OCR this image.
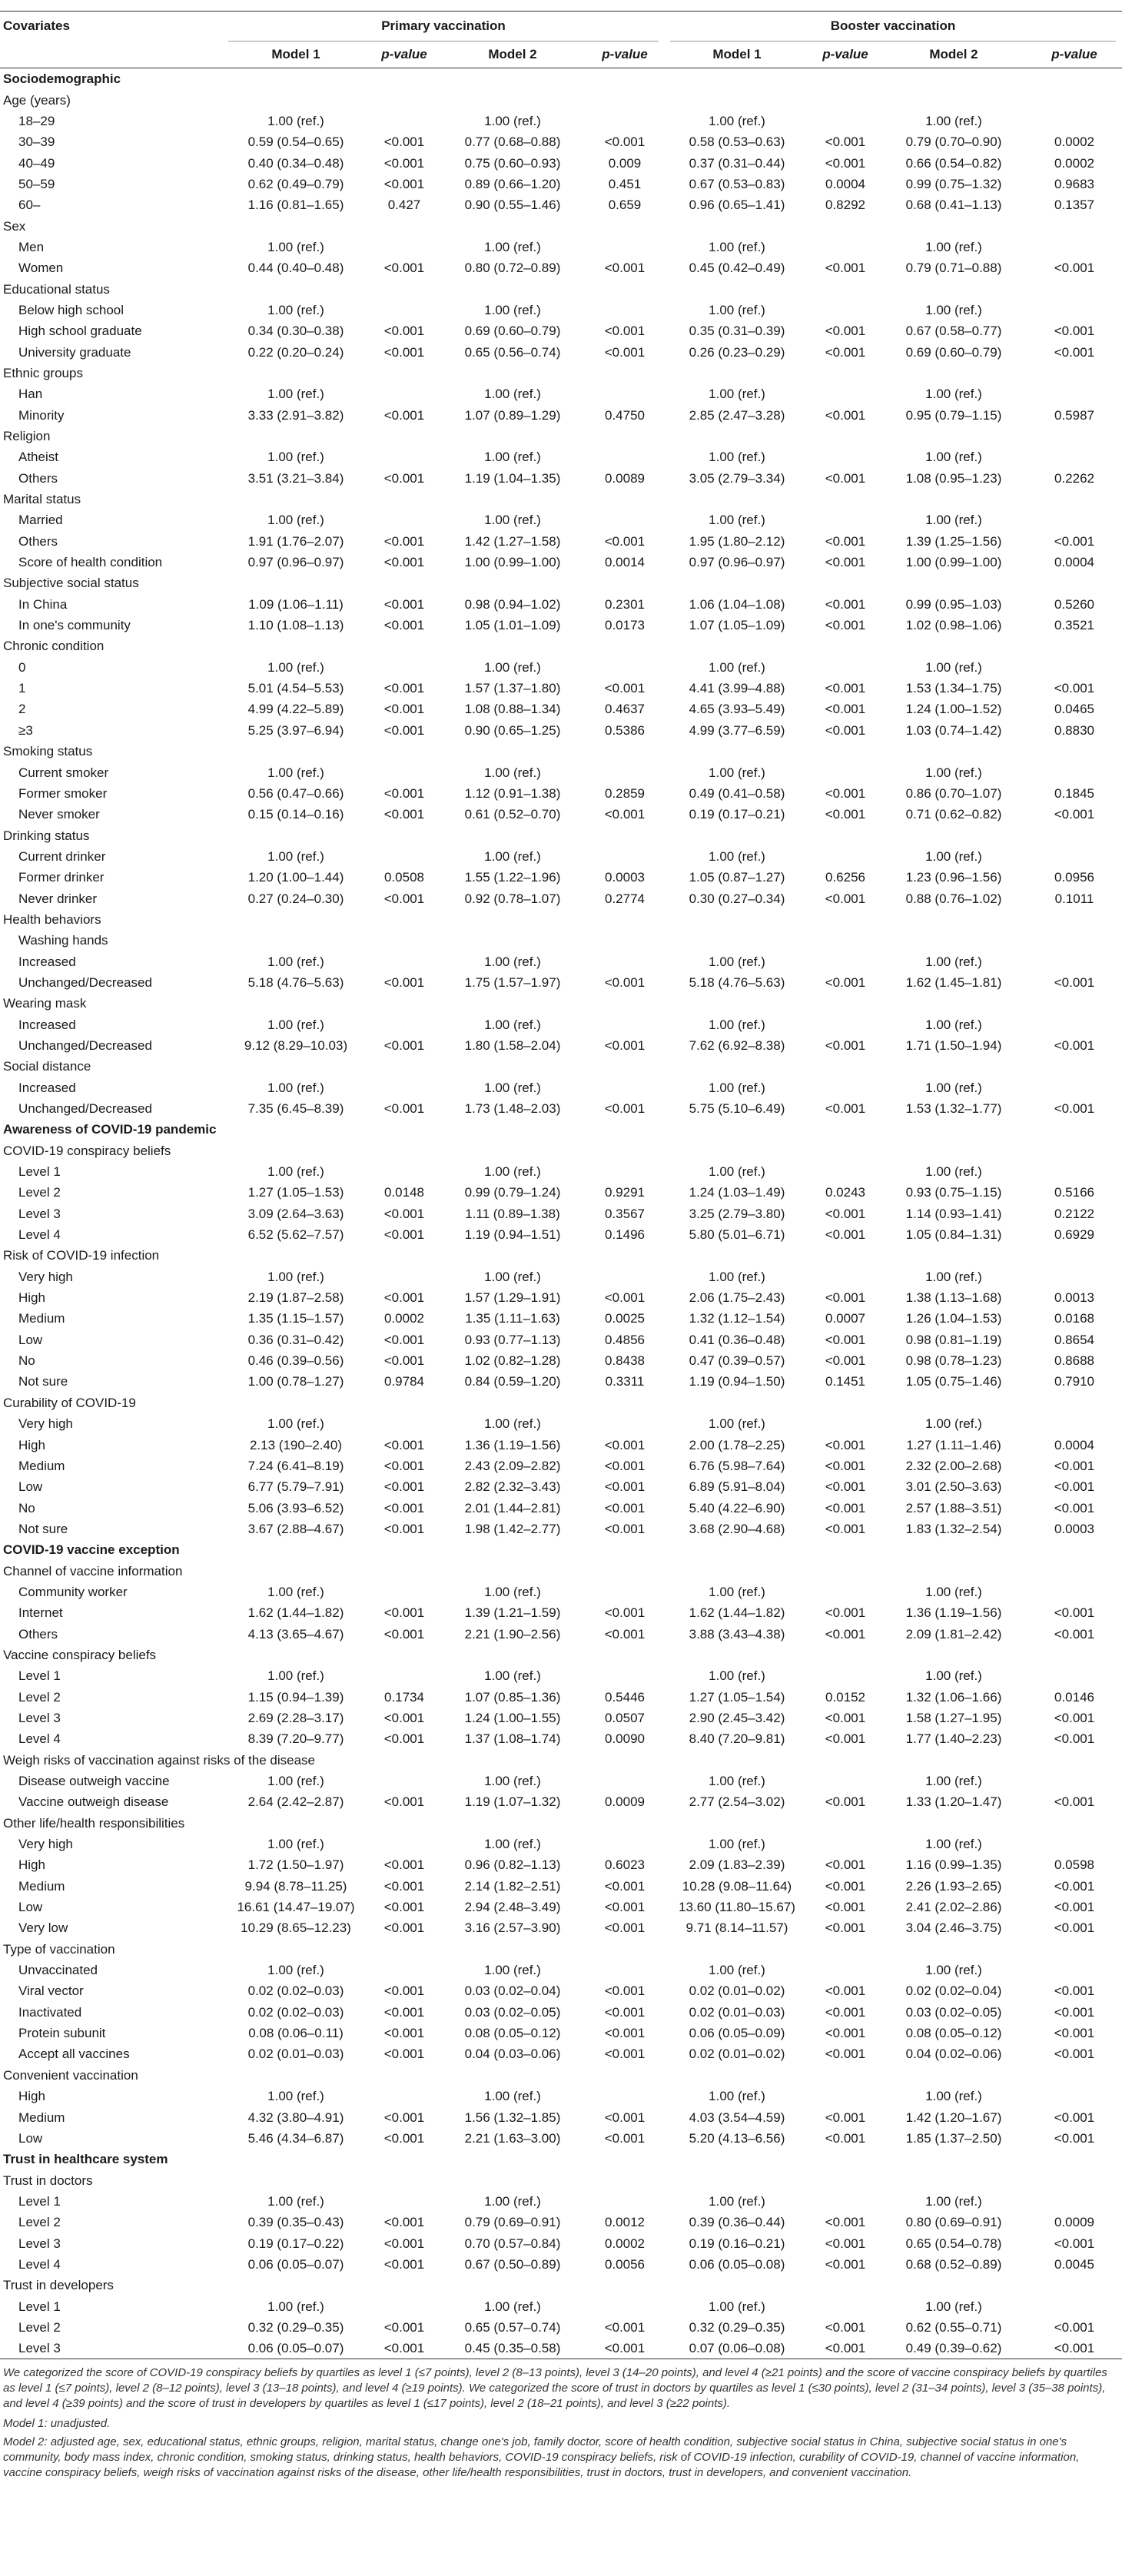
Covariates	Primary vaccination				Booster vaccination			
	Model 1	p-value	Model 2	p-value	Model 1	p-value	Model 2	p-value
Sociodemographic								
Age (years)								
18–29	1.00 (ref.)		1.00 (ref.)		1.00 (ref.)		1.00 (ref.)	
30–39	0.59 (0.54–0.65)	<0.001	0.77 (0.68–0.88)	<0.001	0.58 (0.53–0.63)	<0.001	0.79 (0.70–0.90)	0.0002
40–49	0.40 (0.34–0.48)	<0.001	0.75 (0.60–0.93)	0.009	0.37 (0.31–0.44)	<0.001	0.66 (0.54–0.82)	0.0002
50–59	0.62 (0.49–0.79)	<0.001	0.89 (0.66–1.20)	0.451	0.67 (0.53–0.83)	0.0004	0.99 (0.75–1.32)	0.9683
60–	1.16 (0.81–1.65)	0.427	0.90 (0.55–1.46)	0.659	0.96 (0.65–1.41)	0.8292	0.68 (0.41–1.13)	0.1357
Sex								
Men	1.00 (ref.)		1.00 (ref.)		1.00 (ref.)		1.00 (ref.)	
Women	0.44 (0.40–0.48)	<0.001	0.80 (0.72–0.89)	<0.001	0.45 (0.42–0.49)	<0.001	0.79 (0.71–0.88)	<0.001
Educational status								
Below high school	1.00 (ref.)		1.00 (ref.)		1.00 (ref.)		1.00 (ref.)	
High school graduate	0.34 (0.30–0.38)	<0.001	0.69 (0.60–0.79)	<0.001	0.35 (0.31–0.39)	<0.001	0.67 (0.58–0.77)	<0.001
University graduate	0.22 (0.20–0.24)	<0.001	0.65 (0.56–0.74)	<0.001	0.26 (0.23–0.29)	<0.001	0.69 (0.60–0.79)	<0.001
Ethnic groups								
Han	1.00 (ref.)		1.00 (ref.)		1.00 (ref.)		1.00 (ref.)	
Minority	3.33 (2.91–3.82)	<0.001	1.07 (0.89–1.29)	0.4750	2.85 (2.47–3.28)	<0.001	0.95 (0.79–1.15)	0.5987
Religion								
Atheist	1.00 (ref.)		1.00 (ref.)		1.00 (ref.)		1.00 (ref.)	
Others	3.51 (3.21–3.84)	<0.001	1.19 (1.04–1.35)	0.0089	3.05 (2.79–3.34)	<0.001	1.08 (0.95–1.23)	0.2262
Marital status								
Married	1.00 (ref.)		1.00 (ref.)		1.00 (ref.)		1.00 (ref.)	
Others	1.91 (1.76–2.07)	<0.001	1.42 (1.27–1.58)	<0.001	1.95 (1.80–2.12)	<0.001	1.39 (1.25–1.56)	<0.001
Score of health condition	0.97 (0.96–0.97)	<0.001	1.00 (0.99–1.00)	0.0014	0.97 (0.96–0.97)	<0.001	1.00 (0.99–1.00)	0.0004
Subjective social status								
In China	1.09 (1.06–1.11)	<0.001	0.98 (0.94–1.02)	0.2301	1.06 (1.04–1.08)	<0.001	0.99 (0.95–1.03)	0.5260
In one's community	1.10 (1.08–1.13)	<0.001	1.05 (1.01–1.09)	0.0173	1.07 (1.05–1.09)	<0.001	1.02 (0.98–1.06)	0.3521
Chronic condition								
0	1.00 (ref.)		1.00 (ref.)		1.00 (ref.)		1.00 (ref.)	
1	5.01 (4.54–5.53)	<0.001	1.57 (1.37–1.80)	<0.001	4.41 (3.99–4.88)	<0.001	1.53 (1.34–1.75)	<0.001
2	4.99 (4.22–5.89)	<0.001	1.08 (0.88–1.34)	0.4637	4.65 (3.93–5.49)	<0.001	1.24 (1.00–1.52)	0.0465
≥3	5.25 (3.97–6.94)	<0.001	0.90 (0.65–1.25)	0.5386	4.99 (3.77–6.59)	<0.001	1.03 (0.74–1.42)	0.8830
Smoking status								
Current smoker	1.00 (ref.)		1.00 (ref.)		1.00 (ref.)		1.00 (ref.)	
Former smoker	0.56 (0.47–0.66)	<0.001	1.12 (0.91–1.38)	0.2859	0.49 (0.41–0.58)	<0.001	0.86 (0.70–1.07)	0.1845
Never smoker	0.15 (0.14–0.16)	<0.001	0.61 (0.52–0.70)	<0.001	0.19 (0.17–0.21)	<0.001	0.71 (0.62–0.82)	<0.001
Drinking status								
Current drinker	1.00 (ref.)		1.00 (ref.)		1.00 (ref.)		1.00 (ref.)	
Former drinker	1.20 (1.00–1.44)	0.0508	1.55 (1.22–1.96)	0.0003	1.05 (0.87–1.27)	0.6256	1.23 (0.96–1.56)	0.0956
Never drinker	0.27 (0.24–0.30)	<0.001	0.92 (0.78–1.07)	0.2774	0.30 (0.27–0.34)	<0.001	0.88 (0.76–1.02)	0.1011
Health behaviors								
Washing hands								
Increased	1.00 (ref.)		1.00 (ref.)		1.00 (ref.)		1.00 (ref.)	
Unchanged/Decreased	5.18 (4.76–5.63)	<0.001	1.75 (1.57–1.97)	<0.001	5.18 (4.76–5.63)	<0.001	1.62 (1.45–1.81)	<0.001
Wearing mask								
Increased	1.00 (ref.)		1.00 (ref.)		1.00 (ref.)		1.00 (ref.)	
Unchanged/Decreased	9.12 (8.29–10.03)	<0.001	1.80 (1.58–2.04)	<0.001	7.62 (6.92–8.38)	<0.001	1.71 (1.50–1.94)	<0.001
Social distance								
Increased	1.00 (ref.)		1.00 (ref.)		1.00 (ref.)		1.00 (ref.)	
Unchanged/Decreased	7.35 (6.45–8.39)	<0.001	1.73 (1.48–2.03)	<0.001	5.75 (5.10–6.49)	<0.001	1.53 (1.32–1.77)	<0.001
Awareness of COVID-19 pandemic								
COVID-19 conspiracy beliefs								
Level 1	1.00 (ref.)		1.00 (ref.)		1.00 (ref.)		1.00 (ref.)	
Level 2	1.27 (1.05–1.53)	0.0148	0.99 (0.79–1.24)	0.9291	1.24 (1.03–1.49)	0.0243	0.93 (0.75–1.15)	0.5166
Level 3	3.09 (2.64–3.63)	<0.001	1.11 (0.89–1.38)	0.3567	3.25 (2.79–3.80)	<0.001	1.14 (0.93–1.41)	0.2122
Level 4	6.52 (5.62–7.57)	<0.001	1.19 (0.94–1.51)	0.1496	5.80 (5.01–6.71)	<0.001	1.05 (0.84–1.31)	0.6929
Risk of COVID-19 infection								
Very high	1.00 (ref.)		1.00 (ref.)		1.00 (ref.)		1.00 (ref.)	
High	2.19 (1.87–2.58)	<0.001	1.57 (1.29–1.91)	<0.001	2.06 (1.75–2.43)	<0.001	1.38 (1.13–1.68)	0.0013
Medium	1.35 (1.15–1.57)	0.0002	1.35 (1.11–1.63)	0.0025	1.32 (1.12–1.54)	0.0007	1.26 (1.04–1.53)	0.0168
Low	0.36 (0.31–0.42)	<0.001	0.93 (0.77–1.13)	0.4856	0.41 (0.36–0.48)	<0.001	0.98 (0.81–1.19)	0.8654
No	0.46 (0.39–0.56)	<0.001	1.02 (0.82–1.28)	0.8438	0.47 (0.39–0.57)	<0.001	0.98 (0.78–1.23)	0.8688
Not sure	1.00 (0.78–1.27)	0.9784	0.84 (0.59–1.20)	0.3311	1.19 (0.94–1.50)	0.1451	1.05 (0.75–1.46)	0.7910
Curability of COVID-19								
Very high	1.00 (ref.)		1.00 (ref.)		1.00 (ref.)		1.00 (ref.)	
High	2.13 (190–2.40)	<0.001	1.36 (1.19–1.56)	<0.001	2.00 (1.78–2.25)	<0.001	1.27 (1.11–1.46)	0.0004
Medium	7.24 (6.41–8.19)	<0.001	2.43 (2.09–2.82)	<0.001	6.76 (5.98–7.64)	<0.001	2.32 (2.00–2.68)	<0.001
Low	6.77 (5.79–7.91)	<0.001	2.82 (2.32–3.43)	<0.001	6.89 (5.91–8.04)	<0.001	3.01 (2.50–3.63)	<0.001
No	5.06 (3.93–6.52)	<0.001	2.01 (1.44–2.81)	<0.001	5.40 (4.22–6.90)	<0.001	2.57 (1.88–3.51)	<0.001
Not sure	3.67 (2.88–4.67)	<0.001	1.98 (1.42–2.77)	<0.001	3.68 (2.90–4.68)	<0.001	1.83 (1.32–2.54)	0.0003
COVID-19 vaccine exception								
Channel of vaccine information								
Community worker	1.00 (ref.)		1.00 (ref.)		1.00 (ref.)		1.00 (ref.)	
Internet	1.62 (1.44–1.82)	<0.001	1.39 (1.21–1.59)	<0.001	1.62 (1.44–1.82)	<0.001	1.36 (1.19–1.56)	<0.001
Others	4.13 (3.65–4.67)	<0.001	2.21 (1.90–2.56)	<0.001	3.88 (3.43–4.38)	<0.001	2.09 (1.81–2.42)	<0.001
Vaccine conspiracy beliefs								
Level 1	1.00 (ref.)		1.00 (ref.)		1.00 (ref.)		1.00 (ref.)	
Level 2	1.15 (0.94–1.39)	0.1734	1.07 (0.85–1.36)	0.5446	1.27 (1.05–1.54)	0.0152	1.32 (1.06–1.66)	0.0146
Level 3	2.69 (2.28–3.17)	<0.001	1.24 (1.00–1.55)	0.0507	2.90 (2.45–3.42)	<0.001	1.58 (1.27–1.95)	<0.001
Level 4	8.39 (7.20–9.77)	<0.001	1.37 (1.08–1.74)	0.0090	8.40 (7.20–9.81)	<0.001	1.77 (1.40–2.23)	<0.001
Weigh risks of vaccination against risks of the disease								
Disease outweigh vaccine	1.00 (ref.)		1.00 (ref.)		1.00 (ref.)		1.00 (ref.)	
Vaccine outweigh disease	2.64 (2.42–2.87)	<0.001	1.19 (1.07–1.32)	0.0009	2.77 (2.54–3.02)	<0.001	1.33 (1.20–1.47)	<0.001
Other life/health responsibilities								
Very high	1.00 (ref.)		1.00 (ref.)		1.00 (ref.)		1.00 (ref.)	
High	1.72 (1.50–1.97)	<0.001	0.96 (0.82–1.13)	0.6023	2.09 (1.83–2.39)	<0.001	1.16 (0.99–1.35)	0.0598
Medium	9.94 (8.78–11.25)	<0.001	2.14 (1.82–2.51)	<0.001	10.28 (9.08–11.64)	<0.001	2.26 (1.93–2.65)	<0.001
Low	16.61 (14.47–19.07)	<0.001	2.94 (2.48–3.49)	<0.001	13.60 (11.80–15.67)	<0.001	2.41 (2.02–2.86)	<0.001
Very low	10.29 (8.65–12.23)	<0.001	3.16 (2.57–3.90)	<0.001	9.71 (8.14–11.57)	<0.001	3.04 (2.46–3.75)	<0.001
Type of vaccination								
Unvaccinated	1.00 (ref.)		1.00 (ref.)		1.00 (ref.)		1.00 (ref.)	
Viral vector	0.02 (0.02–0.03)	<0.001	0.03 (0.02–0.04)	<0.001	0.02 (0.01–0.02)	<0.001	0.02 (0.02–0.04)	<0.001
Inactivated	0.02 (0.02–0.03)	<0.001	0.03 (0.02–0.05)	<0.001	0.02 (0.01–0.03)	<0.001	0.03 (0.02–0.05)	<0.001
Protein subunit	0.08 (0.06–0.11)	<0.001	0.08 (0.05–0.12)	<0.001	0.06 (0.05–0.09)	<0.001	0.08 (0.05–0.12)	<0.001
Accept all vaccines	0.02 (0.01–0.03)	<0.001	0.04 (0.03–0.06)	<0.001	0.02 (0.01–0.02)	<0.001	0.04 (0.02–0.06)	<0.001
Convenient vaccination								
High	1.00 (ref.)		1.00 (ref.)		1.00 (ref.)		1.00 (ref.)	
Medium	4.32 (3.80–4.91)	<0.001	1.56 (1.32–1.85)	<0.001	4.03 (3.54–4.59)	<0.001	1.42 (1.20–1.67)	<0.001
Low	5.46 (4.34–6.87)	<0.001	2.21 (1.63–3.00)	<0.001	5.20 (4.13–6.56)	<0.001	1.85 (1.37–2.50)	<0.001
Trust in healthcare system								
Trust in doctors								
Level 1	1.00 (ref.)		1.00 (ref.)		1.00 (ref.)		1.00 (ref.)	
Level 2	0.39 (0.35–0.43)	<0.001	0.79 (0.69–0.91)	0.0012	0.39 (0.36–0.44)	<0.001	0.80 (0.69–0.91)	0.0009
Level 3	0.19 (0.17–0.22)	<0.001	0.70 (0.57–0.84)	0.0002	0.19 (0.16–0.21)	<0.001	0.65 (0.54–0.78)	<0.001
Level 4	0.06 (0.05–0.07)	<0.001	0.67 (0.50–0.89)	0.0056	0.06 (0.05–0.08)	<0.001	0.68 (0.52–0.89)	0.0045
Trust in developers								
Level 1	1.00 (ref.)		1.00 (ref.)		1.00 (ref.)		1.00 (ref.)	
Level 2	0.32 (0.29–0.35)	<0.001	0.65 (0.57–0.74)	<0.001	0.32 (0.29–0.35)	<0.001	0.62 (0.55–0.71)	<0.001
Level 3	0.06 (0.05–0.07)	<0.001	0.45 (0.35–0.58)	<0.001	0.07 (0.06–0.08)	<0.001	0.49 (0.39–0.62)	<0.001

We categorized the score of COVID-19 conspiracy beliefs by quartiles as level 1 (≤7 points), level 2 (8–13 points), level 3 (14–20 points), and level 4 (≥21 points) and the score of vaccine conspiracy beliefs by quartiles as level 1 (≤7 points), level 2 (8–12 points), level 3 (13–18 points), and level 4 (≥19 points). We categorized the score of trust in doctors by quartiles as level 1 (≤30 points), level 2 (31–34 points), level 3 (35–38 points), and level 4 (≥39 points) and the score of trust in developers by quartiles as level 1 (≤17 points), level 2 (18–21 points), and level 3 (≥22 points).

Model 1: unadjusted.

Model 2: adjusted age, sex, educational status, ethnic groups, religion, marital status, change one's job, family doctor, score of health condition, subjective social status in China, subjective social status in one's community, body mass index, chronic condition, smoking status, drinking status, health behaviors, COVID-19 conspiracy beliefs, risk of COVID-19 infection, curability of COVID-19, channel of vaccine information, vaccine conspiracy beliefs, weigh risks of vaccination against risks of the disease, other life/health responsibilities, trust in doctors, trust in developers, and convenient vaccination.
